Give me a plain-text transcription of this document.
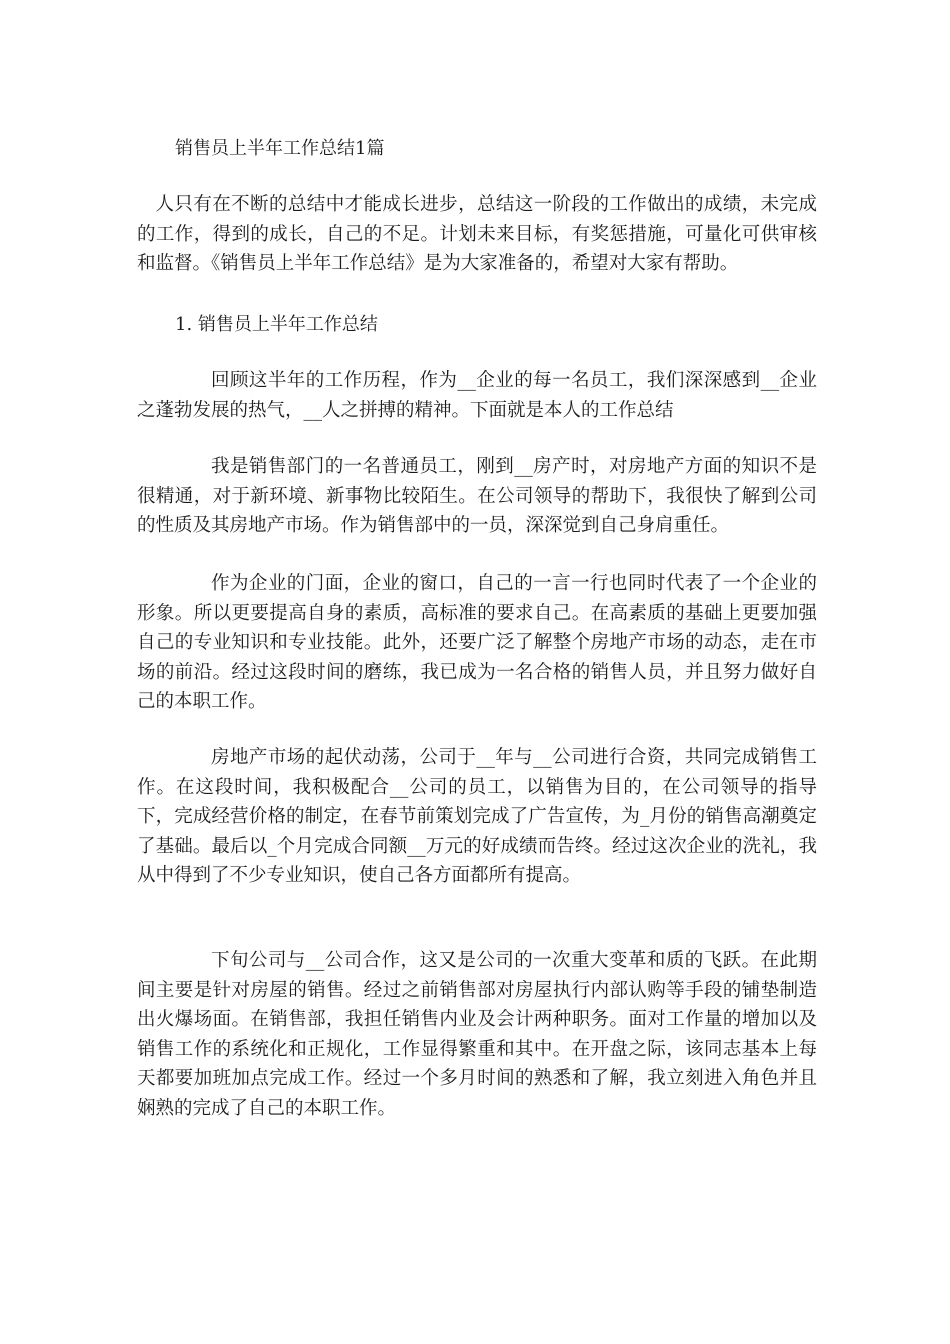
销售员上半年工作总结1篇

人只有在不断的总结中才能成长进步，总结这一阶段的工作做出的成绩，未完成的工作，得到的成长，自己的不足。计划未来目标，有奖惩措施，可量化可供审核和监督。《销售员上半年工作总结》是为大家准备的，希望对大家有帮助。

1. 销售员上半年工作总结

回顾这半年的工作历程，作为__企业的每一名员工，我们深深感到__企业之蓬勃发展的热气，__人之拼搏的精神。下面就是本人的工作总结

我是销售部门的一名普通员工，刚到__房产时，对房地产方面的知识不是很精通，对于新环境、新事物比较陌生。在公司领导的帮助下，我很快了解到公司的性质及其房地产市场。作为销售部中的一员，深深觉到自己身肩重任。

作为企业的门面，企业的窗口，自己的一言一行也同时代表了一个企业的形象。所以更要提高自身的素质，高标准的要求自己。在高素质的基础上更要加强自己的专业知识和专业技能。此外，还要广泛了解整个房地产市场的动态，走在市场的前沿。经过这段时间的磨练，我已成为一名合格的销售人员，并且努力做好自己的本职工作。

房地产市场的起伏动荡，公司于__年与__公司进行合资，共同完成销售工作。在这段时间，我积极配合__公司的员工，以销售为目的，在公司领导的指导下，完成经营价格的制定，在春节前策划完成了广告宣传，为_月份的销售高潮奠定了基础。最后以_个月完成合同额__万元的好成绩而告终。经过这次企业的洗礼，我从中得到了不少专业知识，使自己各方面都所有提高。

下旬公司与__公司合作，这又是公司的一次重大变革和质的飞跃。在此期间主要是针对房屋的销售。经过之前销售部对房屋执行内部认购等手段的铺垫制造出火爆场面。在销售部，我担任销售内业及会计两种职务。面对工作量的增加以及销售工作的系统化和正规化，工作显得繁重和其中。在开盘之际，该同志基本上每天都要加班加点完成工作。经过一个多月时间的熟悉和了解，我立刻进入角色并且娴熟的完成了自己的本职工作。
